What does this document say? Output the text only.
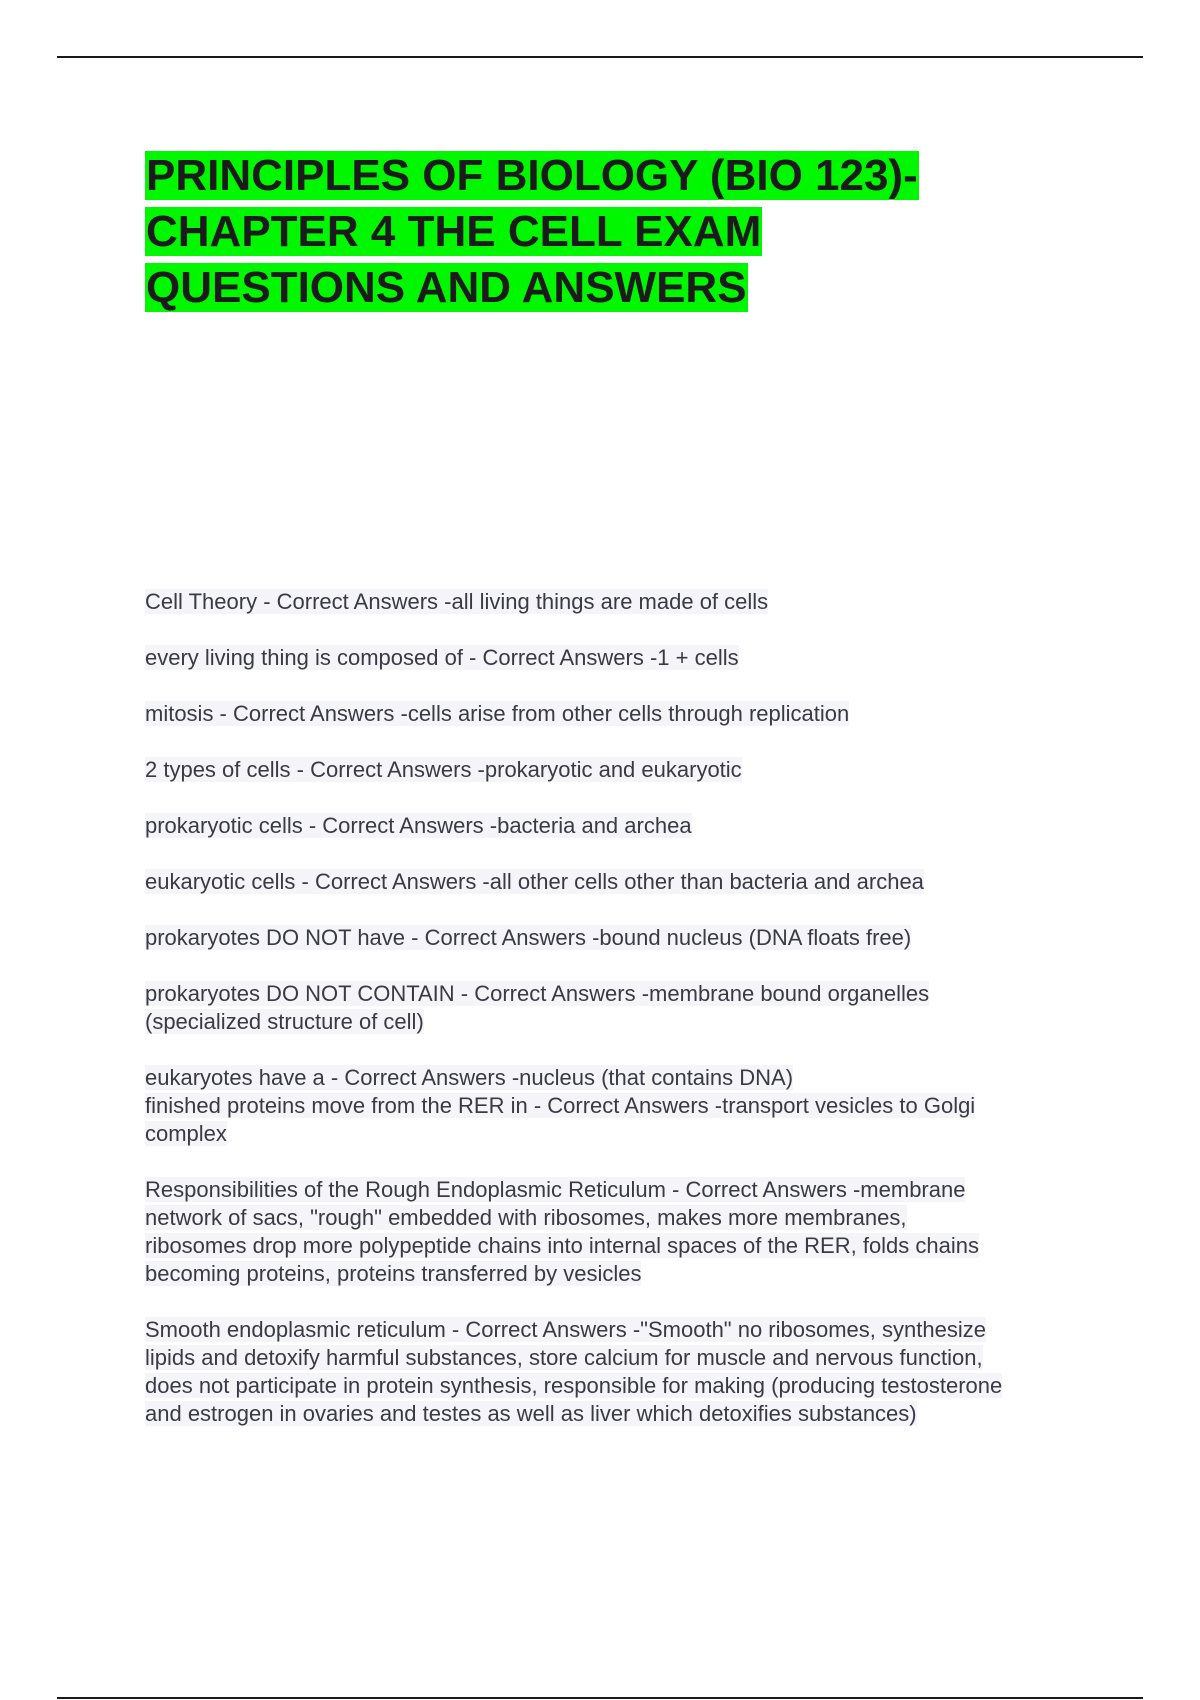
PRINCIPLES OF BIOLOGY (BIO 123)-
CHAPTER 4 THE CELL EXAM
QUESTIONS AND ANSWERS

Cell Theory - Correct Answers -all living things are made of cells

every living thing is composed of - Correct Answers -1 + cells

mitosis - Correct Answers -cells arise from other cells through replication

2 types of cells - Correct Answers -prokaryotic and eukaryotic

prokaryotic cells - Correct Answers -bacteria and archea

eukaryotic cells - Correct Answers -all other cells other than bacteria and archea

prokaryotes DO NOT have - Correct Answers -bound nucleus (DNA floats free)

prokaryotes DO NOT CONTAIN - Correct Answers -membrane bound organelles
(specialized structure of cell)

eukaryotes have a - Correct Answers -nucleus (that contains DNA)
finished proteins move from the RER in - Correct Answers -transport vesicles to Golgi
complex

Responsibilities of the Rough Endoplasmic Reticulum - Correct Answers -membrane
network of sacs, "rough" embedded with ribosomes, makes more membranes,
ribosomes drop more polypeptide chains into internal spaces of the RER, folds chains
becoming proteins, proteins transferred by vesicles

Smooth endoplasmic reticulum - Correct Answers -"Smooth" no ribosomes, synthesize
lipids and detoxify harmful substances, store calcium for muscle and nervous function,
does not participate in protein synthesis, responsible for making (producing testosterone
and estrogen in ovaries and testes as well as liver which detoxifies substances)
